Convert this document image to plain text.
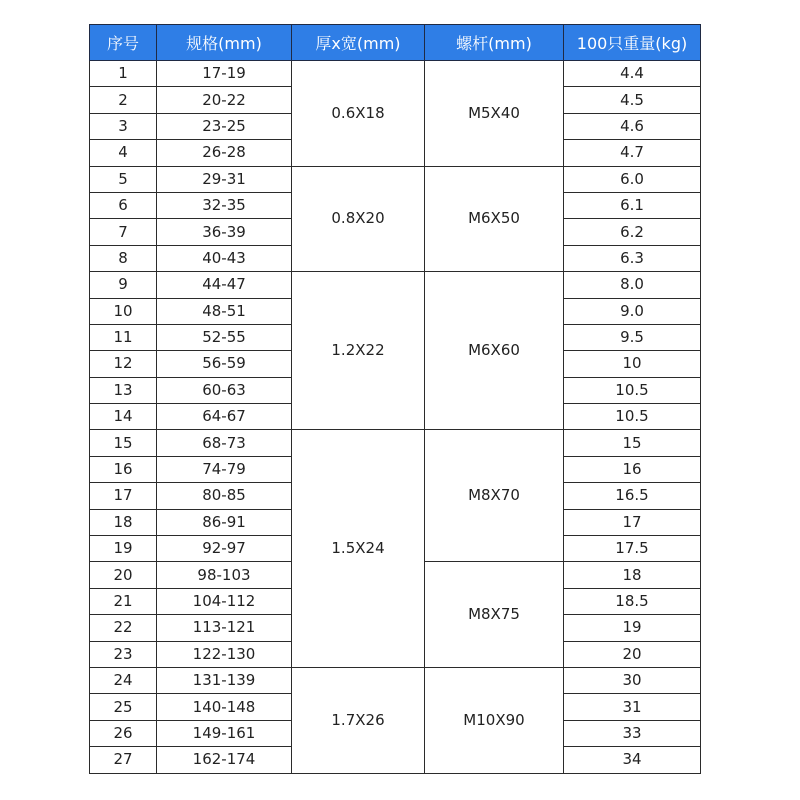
序号	规格(mm)	厚x宽(mm)	螺杆(mm)	100只重量(kg)
1	17-19	0.6X18	M5X40	4.4
2	20-22			4.5
3	23-25			4.6
4	26-28			4.7
5	29-31	0.8X20	M6X50	6.0
6	32-35			6.1
7	36-39			6.2
8	40-43			6.3
9	44-47	1.2X22	M6X60	8.0
10	48-51			9.0
11	52-55			9.5
12	56-59			10
13	60-63			10.5
14	64-67			10.5
15	68-73	1.5X24	M8X70	15
16	74-79			16
17	80-85			16.5
18	86-91			17
19	92-97			17.5
20	98-103		M8X75	18
21	104-112			18.5
22	113-121			19
23	122-130			20
24	131-139	1.7X26	M10X90	30
25	140-148			31
26	149-161			33
27	162-174			34
